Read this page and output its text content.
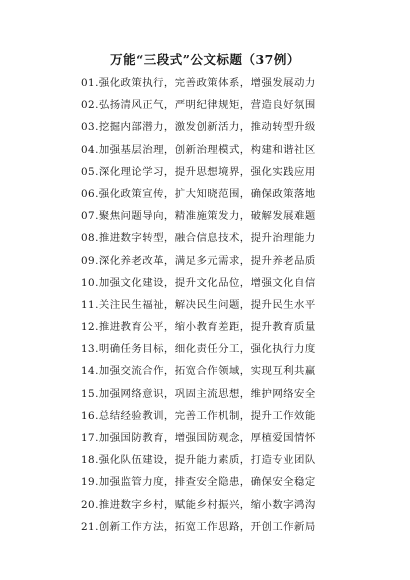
万能“三段式”公文标题（37例）
01.强化政策执行，完善政策体系，增强发展动力
02.弘扬清风正气，严明纪律规矩，营造良好氛围
03.挖掘内部潜力，激发创新活力，推动转型升级
04.加强基层治理，创新治理模式，构建和谐社区
05.深化理论学习，提升思想境界，强化实践应用
06.强化政策宣传，扩大知晓范围，确保政策落地
07.聚焦问题导向，精准施策发力，破解发展难题
08.推进数字转型，融合信息技术，提升治理能力
09.深化养老改革，满足多元需求，提升养老品质
10.加强文化建设，提升文化品位，增强文化自信
11.关注民生福祉，解决民生问题，提升民生水平
12.推进教育公平，缩小教育差距，提升教育质量
13.明确任务目标，细化责任分工，强化执行力度
14.加强交流合作，拓宽合作领域，实现互利共赢
15.加强网络意识，巩固主流思想，维护网络安全
16.总结经验教训，完善工作机制，提升工作效能
17.加强国防教育，增强国防观念，厚植爱国情怀
18.强化队伍建设，提升能力素质，打造专业团队
19.加强监管力度，排查安全隐患，确保安全稳定
20.推进数字乡村，赋能乡村振兴，缩小数字鸿沟
21.创新工作方法，拓宽工作思路，开创工作新局
